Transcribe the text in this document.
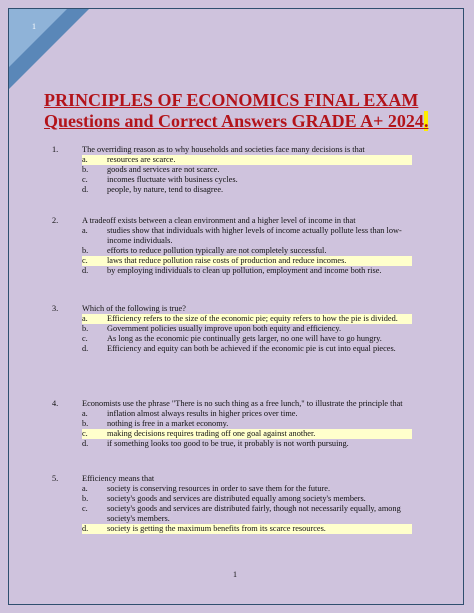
1
PRINCIPLES OF ECONOMICS FINAL EXAM
Questions and Correct Answers GRADE A+ 2024.
1.	The overriding reason as to why households and societies face many decisions is that
a.	resources are scarce.
b.	goods and services are not scarce.
c.	incomes fluctuate with business cycles.
d.	people, by nature, tend to disagree.
2.	A tradeoff exists between a clean environment and a higher level of income in that
a.	studies show that individuals with higher levels of income actually pollute less than low-income individuals.
b.	efforts to reduce pollution typically are not completely successful.
c.	laws that reduce pollution raise costs of production and reduce incomes.
d.	by employing individuals to clean up pollution, employment and income both rise.
3.	Which of the following is true?
a.	Efficiency refers to the size of the economic pie; equity refers to how the pie is divided.
b.	Government policies usually improve upon both equity and efficiency.
c.	As long as the economic pie continually gets larger, no one will have to go hungry.
d.	Efficiency and equity can both be achieved if the economic pie is cut into equal pieces.
4.	Economists use the phrase "There is no such thing as a free lunch," to illustrate the principle that
a.	inflation almost always results in higher prices over time.
b.	nothing is free in a market economy.
c.	making decisions requires trading off one goal against another.
d.	if something looks too good to be true, it probably is not worth pursuing.
5.	Efficiency means that
a.	society is conserving resources in order to save them for the future.
b.	society's goods and services are distributed equally among society's members.
c.	society's goods and services are distributed fairly, though not necessarily equally, among society's members.
d.	society is getting the maximum benefits from its scarce resources.
1
